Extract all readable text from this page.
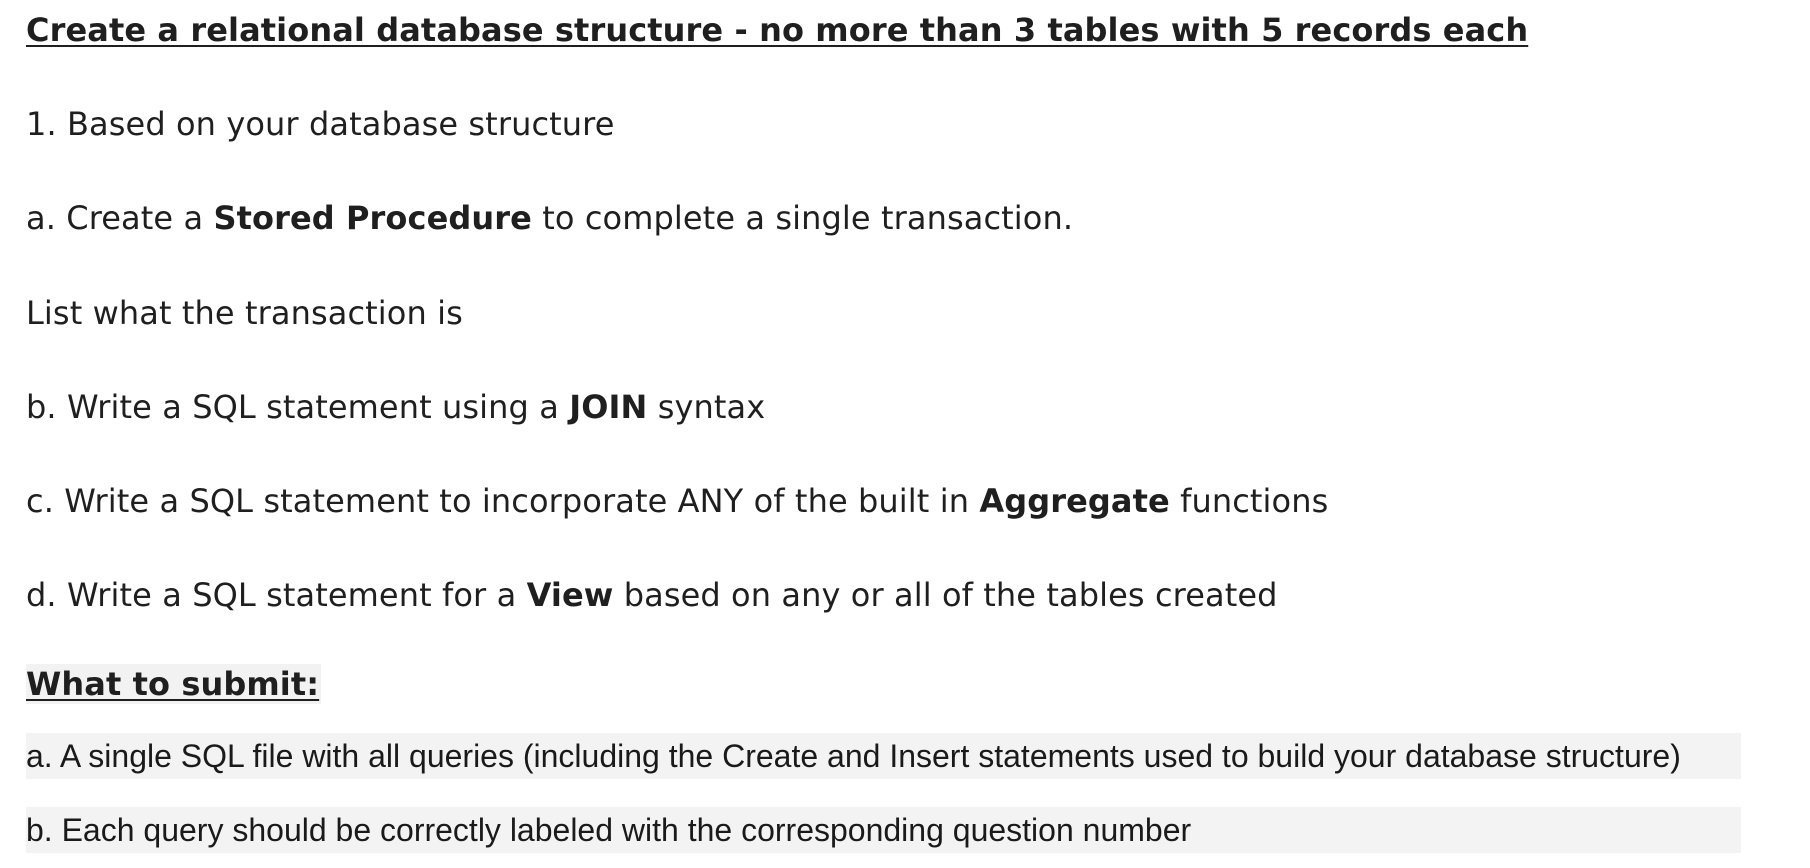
Create a relational database structure - no more than 3 tables with 5 records each
1. Based on your database structure
a. Create a Stored Procedure to complete a single transaction.
List what the transaction is
b. Write a SQL statement using a JOIN syntax
c. Write a SQL statement to incorporate ANY of the built in Aggregate functions
d. Write a SQL statement for a View based on any or all of the tables created
What to submit:
a. A single SQL file with all queries (including the Create and Insert statements used to build your database structure)
b. Each query should be correctly labeled with the corresponding question number
